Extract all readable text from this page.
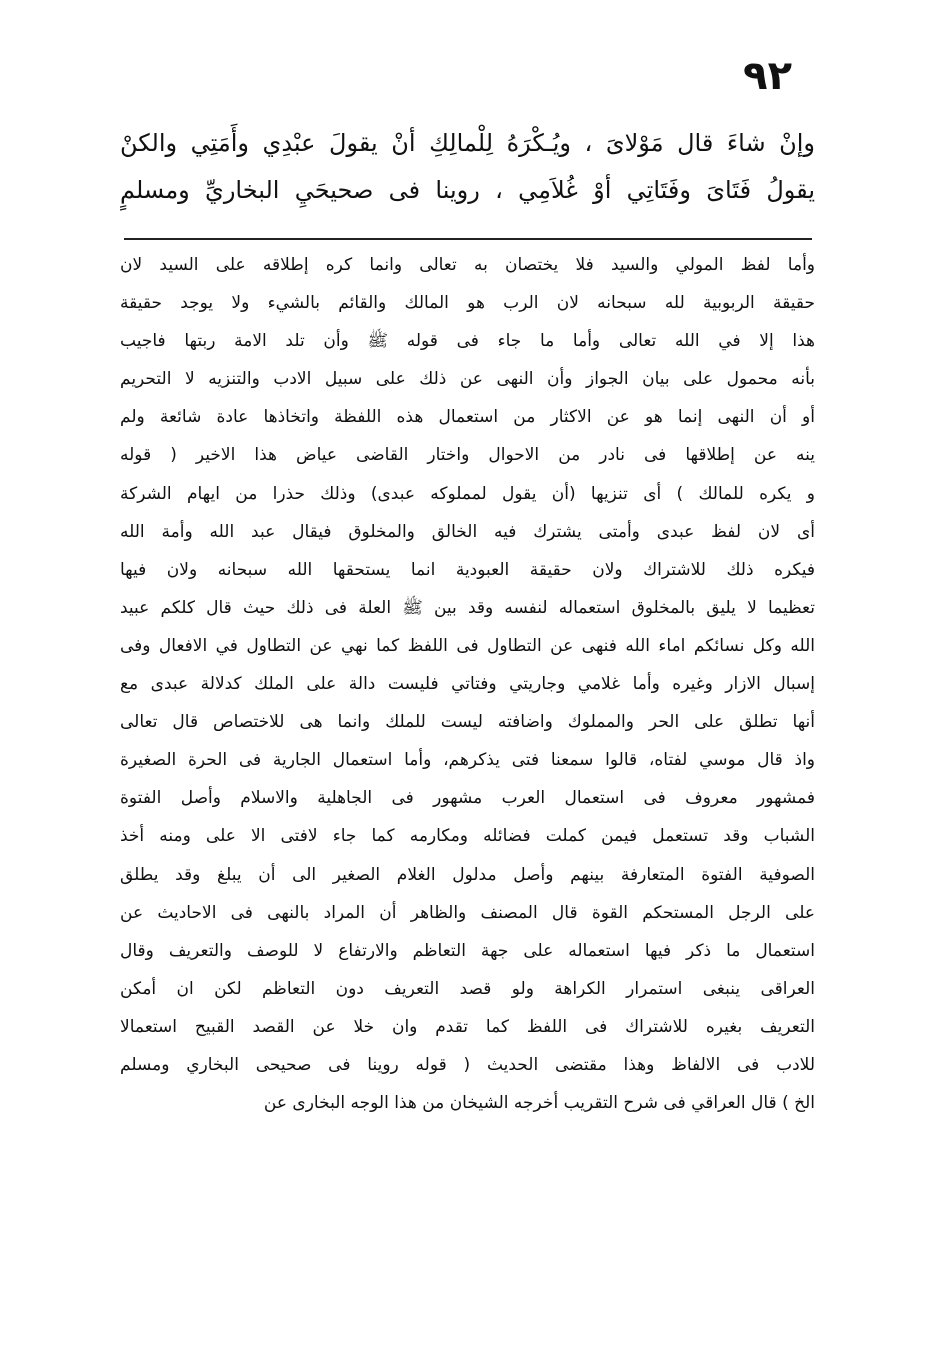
٩٢
وإنْ شاءَ قال مَوْلاىَ ، ويُـكْرَهُ لِلْمالِكِ أنْ يقولَ عبْدِي وأَمَتِي والكنْ
يقولُ فَتَاىَ وفَتَاتِي أوْ غُلاَمِي ، روينا فى صحيحَيِ البخاريِّ ومسلمٍ
وأما لفظ المولي والسيد فلا يختصان به تعالى وانما كره إطلاقه على السيد لان
حقيقة الربوبية لله سبحانه لان الرب هو المالك والقائم بالشيء ولا يوجد حقيقة
هذا إلا في الله تعالى وأما ما جاء فى قوله ﷺ وأن تلد الامة ربتها فاجيب
بأنه محمول على بيان الجواز وأن النهى عن ذلك على سبيل الادب والتنزيه لا التحريم
أو أن النهى إنما هو عن الاكثار من استعمال هذه اللفظة واتخاذها عادة شائعة ولم
ينه عن إطلاقها فى نادر من الاحوال واختار القاضى عياض هذا الاخير ( قوله
و يكره للمالك ) أى تنزيها (أن يقول لمملوكه عبدى) وذلك حذرا من ايهام الشركة
أى لان لفظ عبدى وأمتى يشترك فيه الخالق والمخلوق فيقال عبد الله وأمة الله
فيكره ذلك للاشتراك ولان حقيقة العبودية انما يستحقها الله سبحانه ولان فيها
تعظيما لا يليق بالمخلوق استعماله لنفسه وقد بين ﷺ العلة فى ذلك حيث قال كلكم عبيد
الله وكل نسائكم اماء الله فنهى عن التطاول فى اللفظ كما نهي عن التطاول في الافعال وفى
إسبال الازار وغيره وأما غلامي وجاريتي وفتاتي فليست دالة على الملك كدلالة عبدى مع
أنها تطلق على الحر والمملوك واضافته ليست للملك وانما هى للاختصاص قال تعالى
واذ قال موسي لفتاه، قالوا سمعنا فتى يذكرهم، وأما استعمال الجارية فى الحرة الصغيرة
فمشهور معروف فى استعمال العرب مشهور فى الجاهلية والاسلام وأصل الفتوة
الشباب وقد تستعمل فيمن كملت فضائله ومكارمه كما جاء لافتى الا على ومنه أخذ
الصوفية الفتوة المتعارفة بينهم وأصل مدلول الغلام الصغير الى أن يبلغ وقد يطلق
على الرجل المستحكم القوة قال المصنف والظاهر أن المراد بالنهى فى الاحاديث عن
استعمال ما ذكر فيها استعماله على جهة التعاظم والارتفاع لا للوصف والتعريف وقال
العراقى ينبغى استمرار الكراهة ولو قصد التعريف دون التعاظم لكن ان أمكن
التعريف بغيره للاشتراك فى اللفظ كما تقدم وان خلا عن القصد القبيح استعمالا
للادب فى الالفاظ وهذا مقتضى الحديث ( قوله روينا فى صحيحى البخاري ومسلم
الخ ) قال العراقي فى شرح التقريب أخرجه الشيخان من هذا الوجه البخارى عن
